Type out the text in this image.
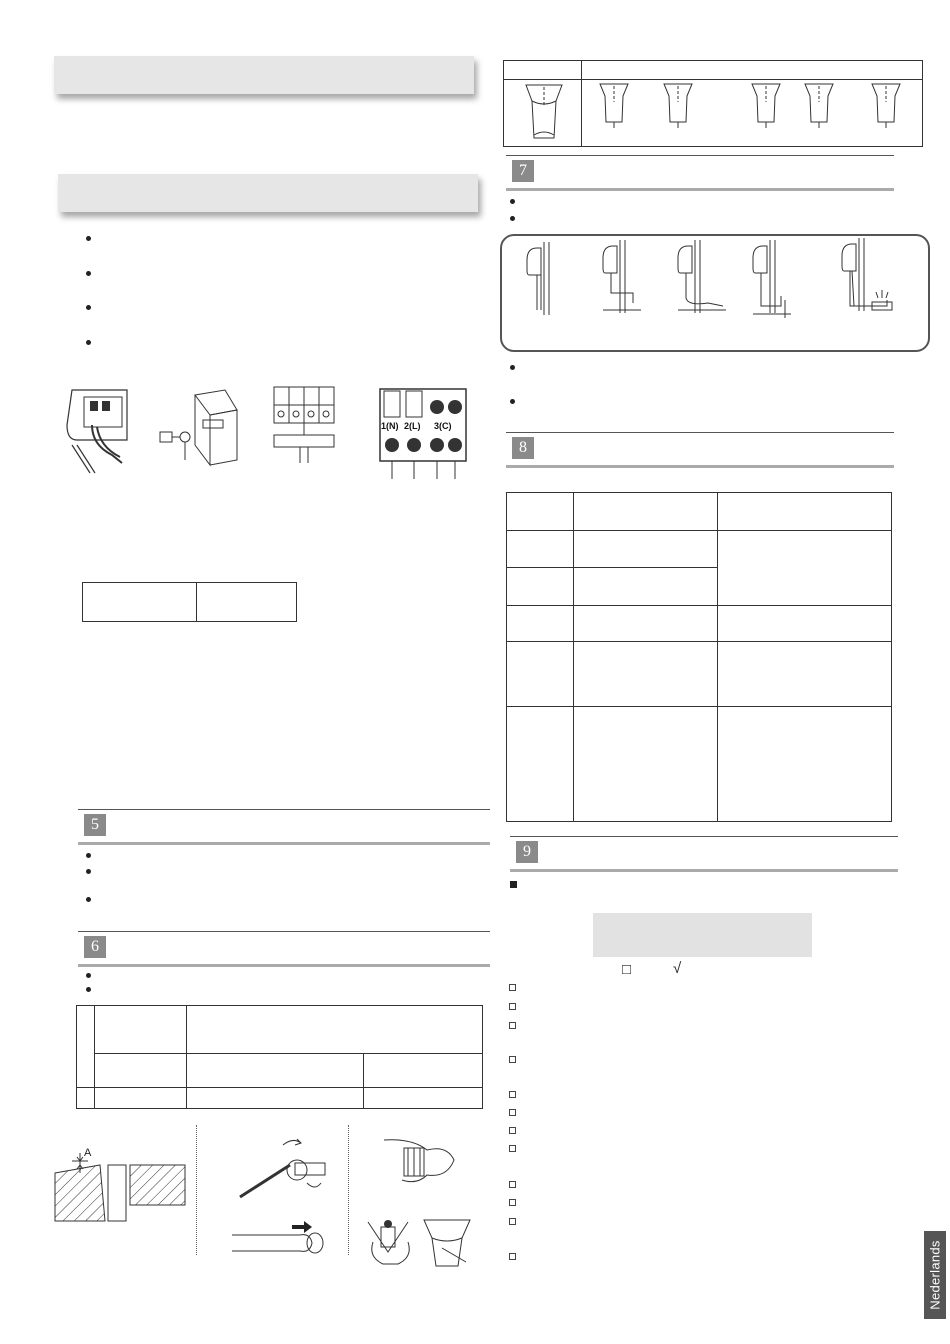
1(N) 2(L) 3(C)

5
6

A

7
8

9
□	√
Nederlands
